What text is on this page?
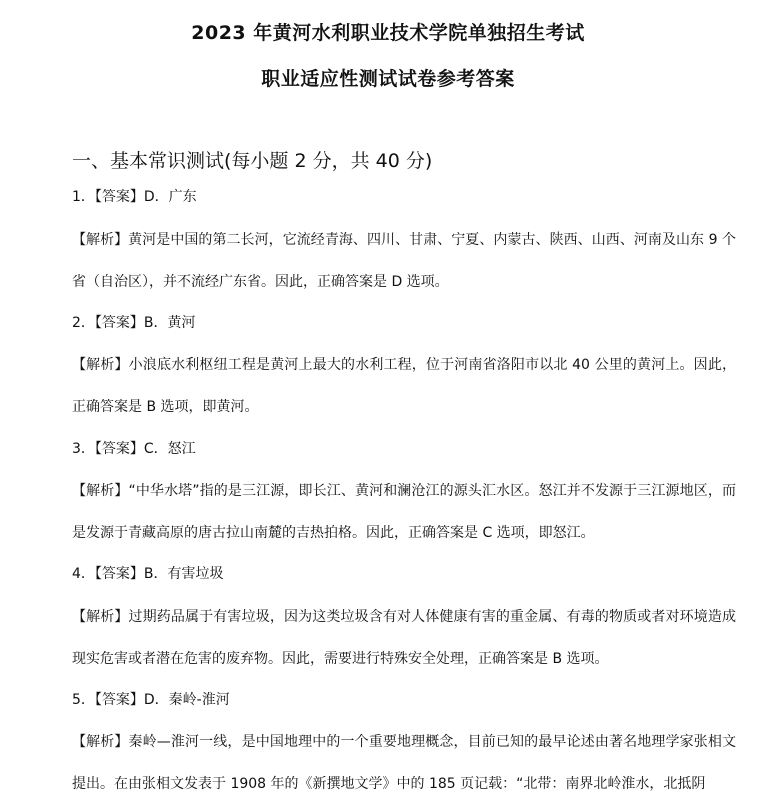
2023 年黄河水利职业技术学院单独招生考试
职业适应性测试试卷参考答案
一、基本常识测试(每小题 2 分，共 40 分)
1．【答案】D．广东
【解析】黄河是中国的第二长河，它流经青海、四川、甘肃、宁夏、内蒙古、陕西、山西、河南及山东 9 个省（自治区），并不流经广东省。因此，正确答案是 D 选项。
2．【答案】B．黄河
【解析】小浪底水利枢纽工程是黄河上最大的水利工程，位于河南省洛阳市以北 40 公里的黄河上。因此，正确答案是 B 选项，即黄河。
3．【答案】C．怒江
【解析】“中华水塔”指的是三江源，即长江、黄河和澜沧江的源头汇水区。怒江并不发源于三江源地区，而是发源于青藏高原的唐古拉山南麓的吉热拍格。因此，正确答案是 C 选项，即怒江。
4．【答案】B．有害垃圾
【解析】过期药品属于有害垃圾，因为这类垃圾含有对人体健康有害的重金属、有毒的物质或者对环境造成现实危害或者潜在危害的废弃物。因此，需要进行特殊安全处理，正确答案是 B 选项。
5．【答案】D．秦岭-淮河
【解析】秦岭—淮河一线，是中国地理中的一个重要地理概念，目前已知的最早论述由著名地理学家张相文提出。在由张相文发表于 1908 年的《新撰地文学》中的 185 页记载：“北带：南界北岭淮水，北抵阴
